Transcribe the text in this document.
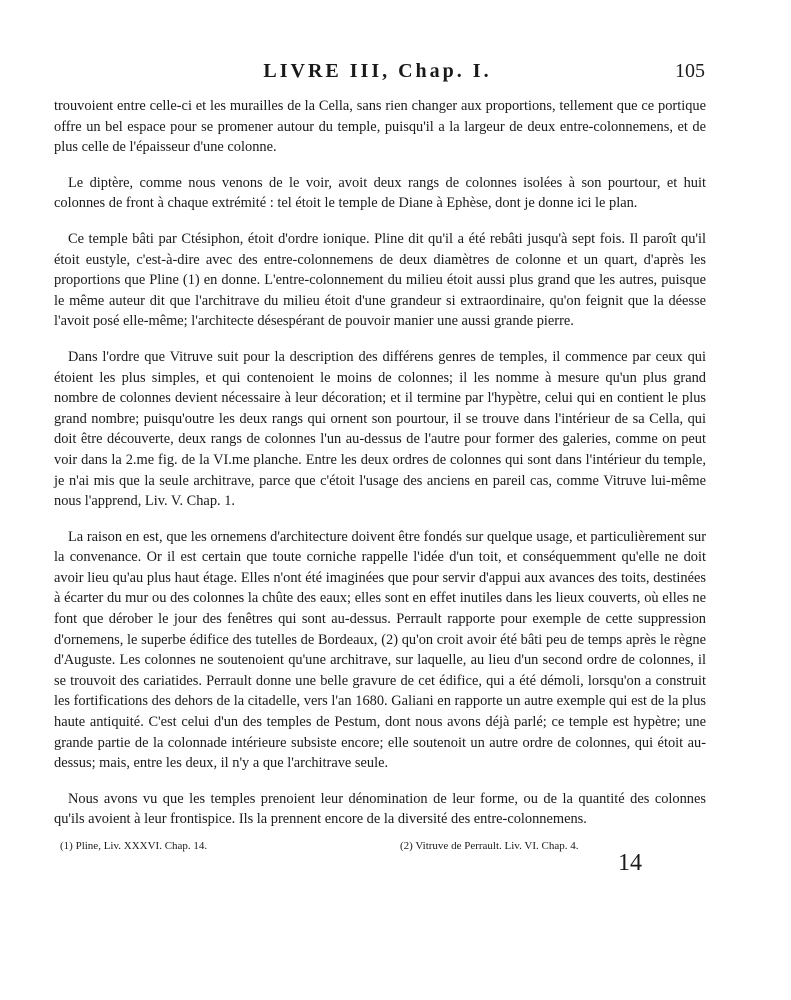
LIVRE III, Chap. I.	105

trouvoient entre celle-ci et les murailles de la Cella, sans rien changer aux proportions, tellement que ce portique offre un bel espace pour se promener autour du temple, puisqu'il a la largeur de deux entre-colonnemens, et de plus celle de l'épaisseur d'une colonne.

Le diptère, comme nous venons de le voir, avoit deux rangs de colonnes isolées à son pourtour, et huit colonnes de front à chaque extrémité : tel étoit le temple de Diane à Ephèse, dont je donne ici le plan.

Ce temple bâti par Ctésiphon, étoit d'ordre ionique. Pline dit qu'il a été rebâti jusqu'à sept fois. Il paroît qu'il étoit eustyle, c'est-à-dire avec des entre-colonnemens de deux diamètres de colonne et un quart, d'après les proportions que Pline (1) en donne. L'entre-colonnement du milieu étoit aussi plus grand que les autres, puisque le même auteur dit que l'architrave du milieu étoit d'une grandeur si extraordinaire, qu'on feignit que la déesse l'avoit posé elle-même; l'architecte désespérant de pouvoir manier une aussi grande pierre.

Dans l'ordre que Vitruve suit pour la description des différens genres de temples, il commence par ceux qui étoient les plus simples, et qui contenoient le moins de colonnes; il les nomme à mesure qu'un plus grand nombre de colonnes devient nécessaire à leur décoration; et il termine par l'hypètre, celui qui en contient le plus grand nombre; puisqu'outre les deux rangs qui ornent son pourtour, il se trouve dans l'intérieur de sa Cella, qui doit être découverte, deux rangs de colonnes l'un au-dessus de l'autre pour former des galeries, comme on peut voir dans la 2.me fig. de la VI.me planche. Entre les deux ordres de colonnes qui sont dans l'intérieur du temple, je n'ai mis que la seule architrave, parce que c'étoit l'usage des anciens en pareil cas, comme Vitruve lui-même nous l'apprend, Liv. V. Chap. 1.

La raison en est, que les ornemens d'architecture doivent être fondés sur quelque usage, et particulièrement sur la convenance. Or il est certain que toute corniche rappelle l'idée d'un toit, et conséquemment qu'elle ne doit avoir lieu qu'au plus haut étage. Elles n'ont été imaginées que pour servir d'appui aux avances des toits, destinées à écarter du mur ou des colonnes la chûte des eaux; elles sont en effet inutiles dans les lieux couverts, où elles ne font que dérober le jour des fenêtres qui sont au-dessus. Perrault rapporte pour exemple de cette suppression d'ornemens, le superbe édifice des tutelles de Bordeaux, (2) qu'on croit avoir été bâti peu de temps après le règne d'Auguste. Les colonnes ne soutenoient qu'une architrave, sur laquelle, au lieu d'un second ordre de colonnes, il se trouvoit des cariatides. Perrault donne une belle gravure de cet édifice, qui a été démoli, lorsqu'on a construit les fortifications des dehors de la citadelle, vers l'an 1680. Galiani en rapporte un autre exemple qui est de la plus haute antiquité. C'est celui d'un des temples de Pestum, dont nous avons déjà parlé; ce temple est hypètre; une grande partie de la colonnade intérieure subsiste encore; elle soutenoit un autre ordre de colonnes, qui étoit au-dessus; mais, entre les deux, il n'y a que l'architrave seule.

Nous avons vu que les temples prenoient leur dénomination de leur forme, ou de la quantité des colonnes qu'ils avoient à leur frontispice. Ils la prennent encore de la diversité des entre-colonnemens.

(1) Pline, Liv. XXXVI. Chap. 14.	(2) Vitruve de Perrault. Liv. VI. Chap. 4.
14
